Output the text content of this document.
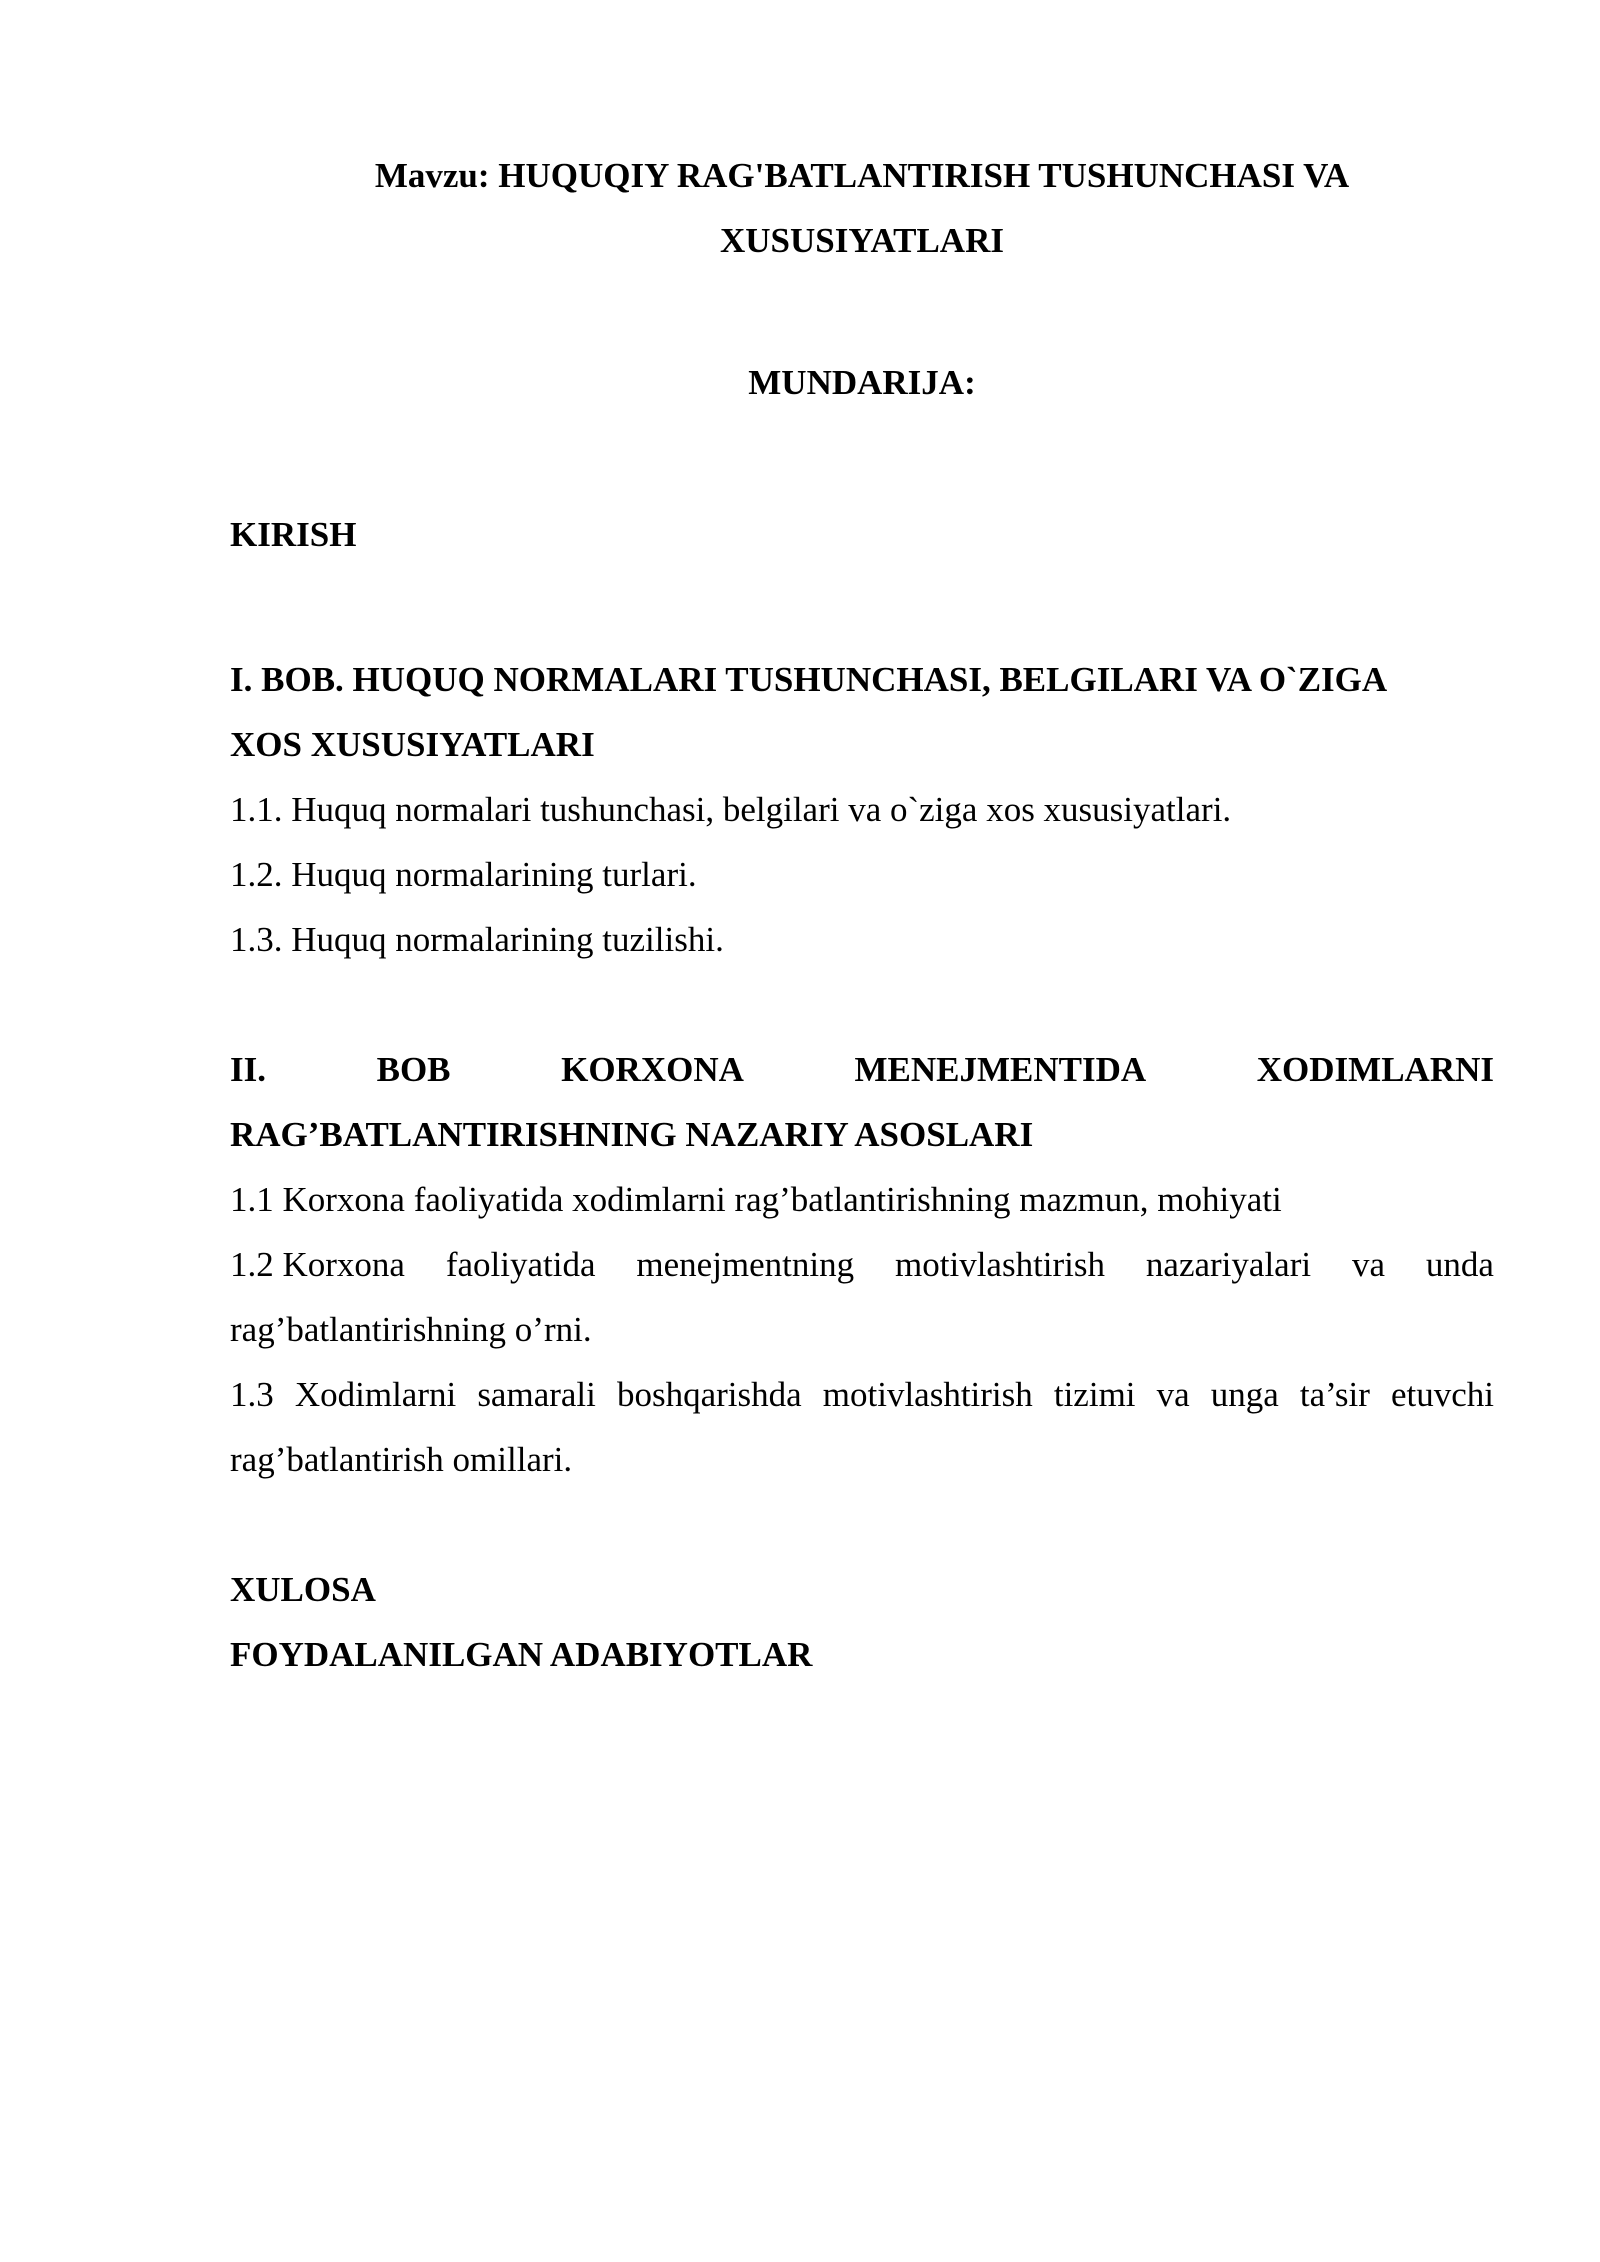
Mavzu: HUQUQIY RAG'BATLANTIRISH TUSHUNCHASI VA
XUSUSIYATLARI
MUNDARIJA:
KIRISH
I. BOB. HUQUQ NORMALARI TUSHUNCHASI, BELGILARI VA O`ZIGA
XOS XUSUSIYATLARI
1.1. Huquq normalari tushunchasi, belgilari va o`ziga xos xususiyatlari.
1.2. Huquq normalarining turlari.
1.3. Huquq normalarining tuzilishi.
II.	BOB	KORXONA	MENEJMENTIDA	XODIMLARNI
RAG’BATLANTIRISHNING NAZARIY ASOSLARI
1.1 Korxona faoliyatida xodimlarni rag’batlantirishning mazmun, mohiyati
1.2 Korxona faoliyatida menejmentning motivlashtirish nazariyalari va unda
rag’batlantirishning o’rni.
1.3 Xodimlarni samarali boshqarishda motivlashtirish tizimi va unga ta’sir etuvchi
rag’batlantirish omillari.
XULOSA
FOYDALANILGAN ADABIYOTLAR
